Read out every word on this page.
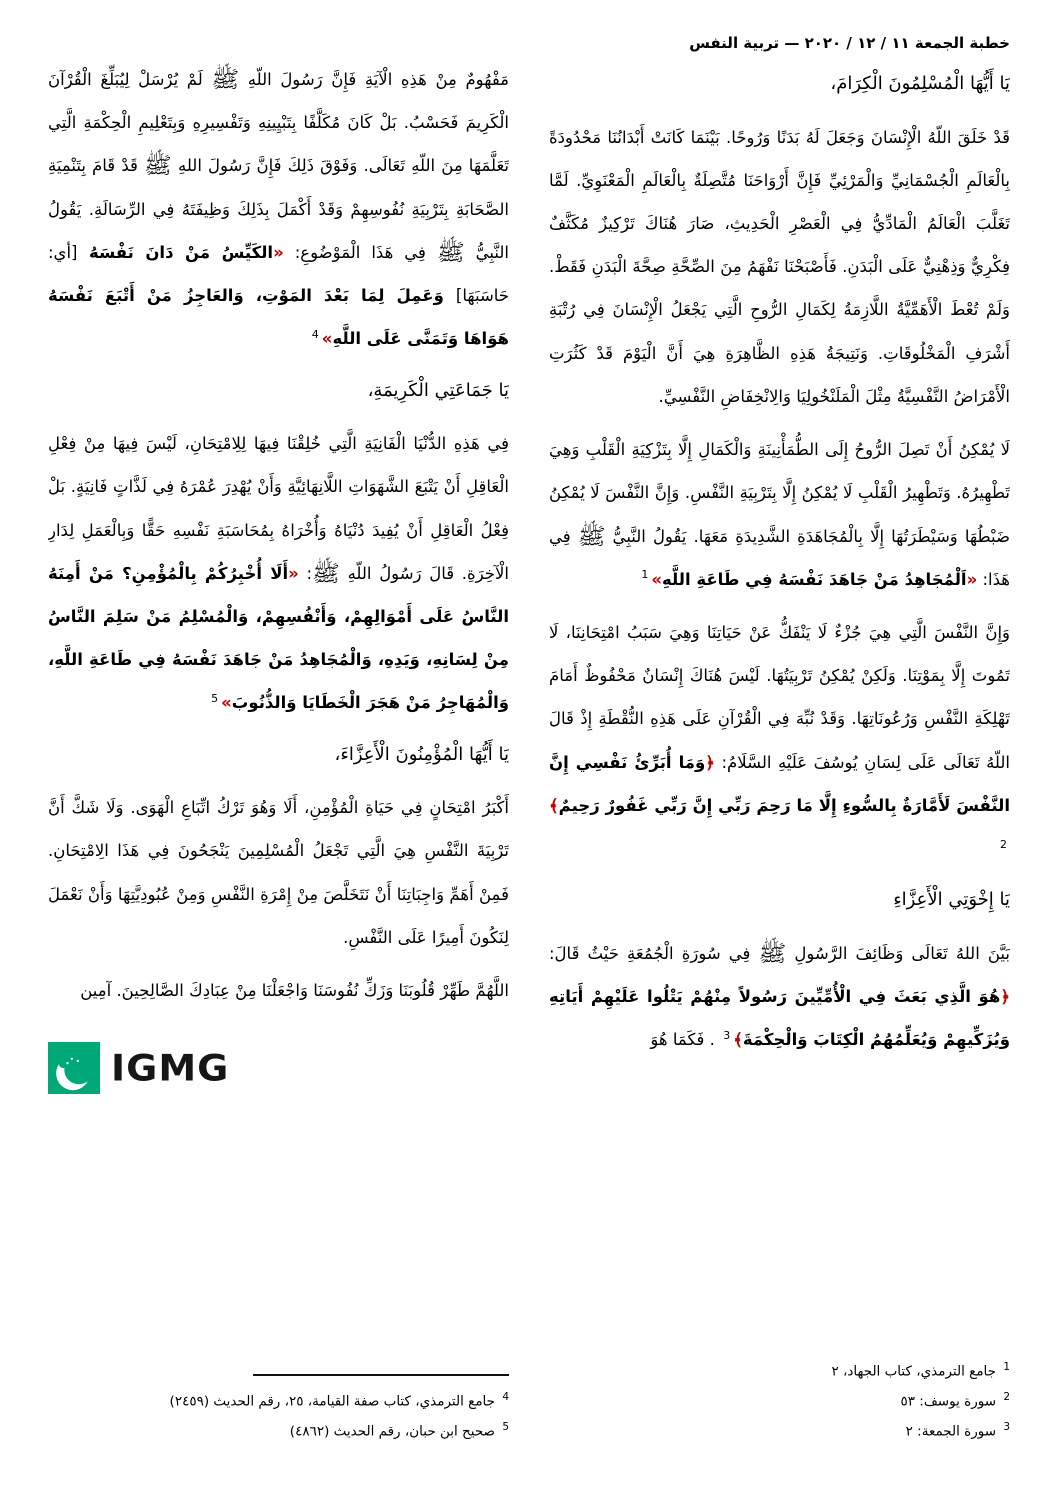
خطبة الجمعة ١١ / ١٢ / ٢٠٢٠ — تربية النفس
يَا أَيُّهَا الْمُسْلِمُونَ الْكِرَامَ،
قَدْ خَلَقَ اللّهُ الْإِنْسَانَ وَجَعَلَ لَهُ بَدَنًا وَرُوحًا. بَيْنَمَا كَانَتْ أَبْدَانُنَا مَحْدُودَةً بِالْعَالَمِ الْجُسْمَانِيِّ وَالْمَرْئِيِّ فَإِنَّ أَرْوَاحَنَا مُتَّصِلَةٌ بِالْعَالَمِ الْمَعْنَوِيِّ. لَمَّا تَغَلَّبَ الْعَالَمُ الْمَادِّيُّ فِي الْعَصْرِ الْحَدِيثِ، صَارَ هُنَاكَ تَرْكِيزٌ مُكَثَّفٌ فِكْرِيٌّ وَذِهْنِيٌّ عَلَى الْبَدَنِ. فَأَصْبَحْنَا نَفْهَمُ مِنَ الصِّحَّةِ صِحَّةَ الْبَدَنِ فَقَطْ. وَلَمْ تُعْطَ الْأَهَمِّيَّةُ اللَّازِمَةُ لِكَمَالِ الرُّوحِ الَّتِي يَجْعَلُ الْإِنْسَانَ فِي رُتْبَةِ أَشْرَفِ الْمَخْلُوقَاتِ. وَنَتِيجَةُ هَذِهِ الظَّاهِرَةِ هِيَ أَنَّ الْيَوْمَ قَدْ كَثُرَتِ الْأَمْرَاضُ النَّفْسِيَّةُ مِثْلَ الْمَلَنْخُولِيَا وَالِانْخِفَاضِ النَّفْسِيِّ.
لَا يُمْكِنُ أَنْ تَصِلَ الرُّوحُ إِلَى الطُّمَأْنِينَةِ وَالْكَمَالِ إِلَّا بِتَزْكِيَةِ الْقَلْبِ وَهِيَ تَطْهِيرُهُ. وَتَطْهِيرُ الْقَلْبِ لَا يُمْكِنُ إِلَّا بِتَرْبِيَةِ النَّفْسِ. وَإِنَّ النَّفْسَ لَا يُمْكِنُ ضَبْطُهَا وَسَيْطَرَتُهَا إِلَّا بِالْمُجَاهَدَةِ الشَّدِيدَةِ مَعَهَا. يَقُولُ النَّبِيُّ ﷺ فِي هَذَا: «اَلْمُجَاهِدُ مَنْ جَاهَدَ نَفْسَهُ فِي طَاعَةِ اللَّهِ»$^1$
وَإِنَّ النَّفْسَ الَّتِي هِيَ جُزْءٌ لَا يَنْفَكُّ عَنْ حَيَاتِنَا وَهِيَ سَبَبُ امْتِحَانِنَا، لَا تَمُوتَ إِلَّا بِمَوْتِنَا. وَلَكِنْ يُمْكِنُ تَرْبِيَتُهَا. لَيْسَ هُنَاكَ إِنْسَانٌ مَحْفُوظٌ أَمَامَ تَهْلِكَةِ النَّفْسِ وَرُعُونَاتِهَا. وَقَدْ نُبِّهَ فِي الْقُرْآنِ عَلَى هَذِهِ النُّقْطَةِ إِذْ قَالَ اللّهُ تَعَالَى عَلَى لِسَانِ يُوسُفَ عَلَيْهِ السَّلَامُ: ﴿وَمَا أُبَرِّئُ نَفْسِي إِنَّ النَّفْسَ لَأَمَّارَةٌ بِالسُّوءِ إِلَّا مَا رَحِمَ رَبِّي إِنَّ رَبِّي غَفُورٌ رَحِيمٌ﴾$^2$
يَا إِخْوَتِي الْأَعِزَّاءِ
بَيَّنَ اللهُ تَعَالَى وَظَائِفَ الرَّسُولِ ﷺ فِي سُورَةِ الْجُمُعَةِ حَيْثُ قَالَ: ﴿هُوَ الَّذِي بَعَثَ فِي الْأُمِّيِّينَ رَسُولاً مِنْهُمْ يَتْلُوا عَلَيْهِمْ أَيَاتِهِ وَيُزَكِّيهِمْ وَيُعَلِّمُهُمُ الْكِتَابَ وَالْحِكْمَةَ﴾$^3$ . فَكَمَا هُوَ
$^1$ جامع الترمذي، كتاب الجهاد، ٢
$^2$ سورة يوسف: ٥٣
$^3$ سورة الجمعة: ٢
مَفْهُومٌ مِنْ هَذِهِ الْآيَةِ فَإِنَّ رَسُولَ اللّهِ ﷺ لَمْ يُرْسَلْ لِيُبَلِّغَ الْقُرْآنَ الْكَرِيمَ فَحَسْبُ. بَلْ كَانَ مُكَلَّفًا بِتَبْيِينِهِ وَتَفْسِيرِهِ وَبِتَعْلِيمِ الْحِكْمَةِ الَّتِي تَعَلَّمَهَا مِنَ اللّهِ تَعَالَى. وَفَوْقَ ذَلِكَ فَإِنَّ رَسُولَ اللهِ ﷺ قَدْ قَامَ بِتَنْمِيَةِ الصَّحَابَةِ بِتَرْبِيَةِ نُفُوسِهِمْ وَقَدْ أَكْمَلَ بِذَلِكَ وَظِيفَتَهُ فِي الرِّسَالَةِ. يَقُولُ النَّبِيُّ ﷺ فِي هَذَا الْمَوْضُوعِ: «الكَيِّسُ مَنْ دَانَ نَفْسَهُ [أي: حَاسَبَهَا] وَعَمِلَ لِمَا بَعْدَ المَوْتِ، وَالعَاجِزُ مَنْ أَتْبَعَ نَفْسَهُ هَوَاهَا وَتَمَنَّى عَلَى اللَّهِ»$^4$
يَا جَمَاعَتِي الْكَرِيمَةِ،
فِي هَذِهِ الدُّنْيَا الْفَانِيَةِ الَّتِي خُلِقْنَا فِيهَا لِلِامْتِحَانِ، لَيْسَ فِيهَا مِنْ فِعْلِ الْعَاقِلِ أَنْ يَتْبَعَ الشَّهَوَاتِ اللَّانِهَائِيَّةِ وَأَنْ يُهْدِرَ عُمْرَهُ فِي لَذَّاتٍ فَانِيَةٍ. بَلْ فِعْلُ الْعَاقِلِ أَنْ يُفِيدَ دُنْيَاهُ وَأُخْرَاهُ بِمُحَاسَبَةِ نَفْسِهِ حَقًّا وَبِالْعَمَلِ لِدَارِ الْآخِرَةِ. قَالَ رَسُولُ اللّهِ ﷺ: «أَلَا أُخْبِرُكُمْ بِالْمُؤْمِنِ؟ مَنْ أَمِنَهُ النَّاسُ عَلَى أَمْوَالِهِمْ، وَأَنْفُسِهِمْ، وَالْمُسْلِمُ مَنْ سَلِمَ النَّاسُ مِنْ لِسَانِهِ، وَيَدِهِ، وَالْمُجَاهِدُ مَنْ جَاهَدَ نَفْسَهُ فِي طَاعَةِ اللَّهِ، وَالْمُهَاجِرُ مَنْ هَجَرَ الْخَطَايَا وَالذُّنُوبَ»$^5$
يَا أَيُّهَا الْمُؤْمِنُونَ الْأَعِزَّاءَ،
أَكْبَرُ امْتِحَانٍ فِي حَيَاةِ الْمُؤْمِنِ، أَلَا وَهُوَ تَرْكُ اتِّبَاعِ الْهَوَى. وَلَا شَكَّ أَنَّ تَرْبِيَةَ النَّفْسِ هِيَ الَّتِي تَجْعَلُ الْمُسْلِمِينَ يَنْجَحُونَ فِي هَذَا الِامْتِحَانِ. فَمِنْ أَهَمِّ وَاجِبَاتِنَا أَنْ نَتَخَلَّصَ مِنْ إِمْرَةِ النَّفْسِ وَمِنْ عُبُودِيَّتِهَا وَأَنْ نَعْمَلَ لِنَكُونَ أَمِيرًا عَلَى النَّفْسِ.
اللَّهُمَّ طَهِّرْ قُلُوبَنَا وَزَكِّ نُفُوسَنَا وَاجْعَلْنَا مِنْ عِبَادِكَ الصَّالِحِينَ. آمِين
IGMG
$^4$ جامع الترمذي، كتاب صفة القيامة، ٢٥، رقم الحديث (٢٤٥٩)
$^5$ صحيح ابن حبان، رقم الحديث (٤٨٦٢)
